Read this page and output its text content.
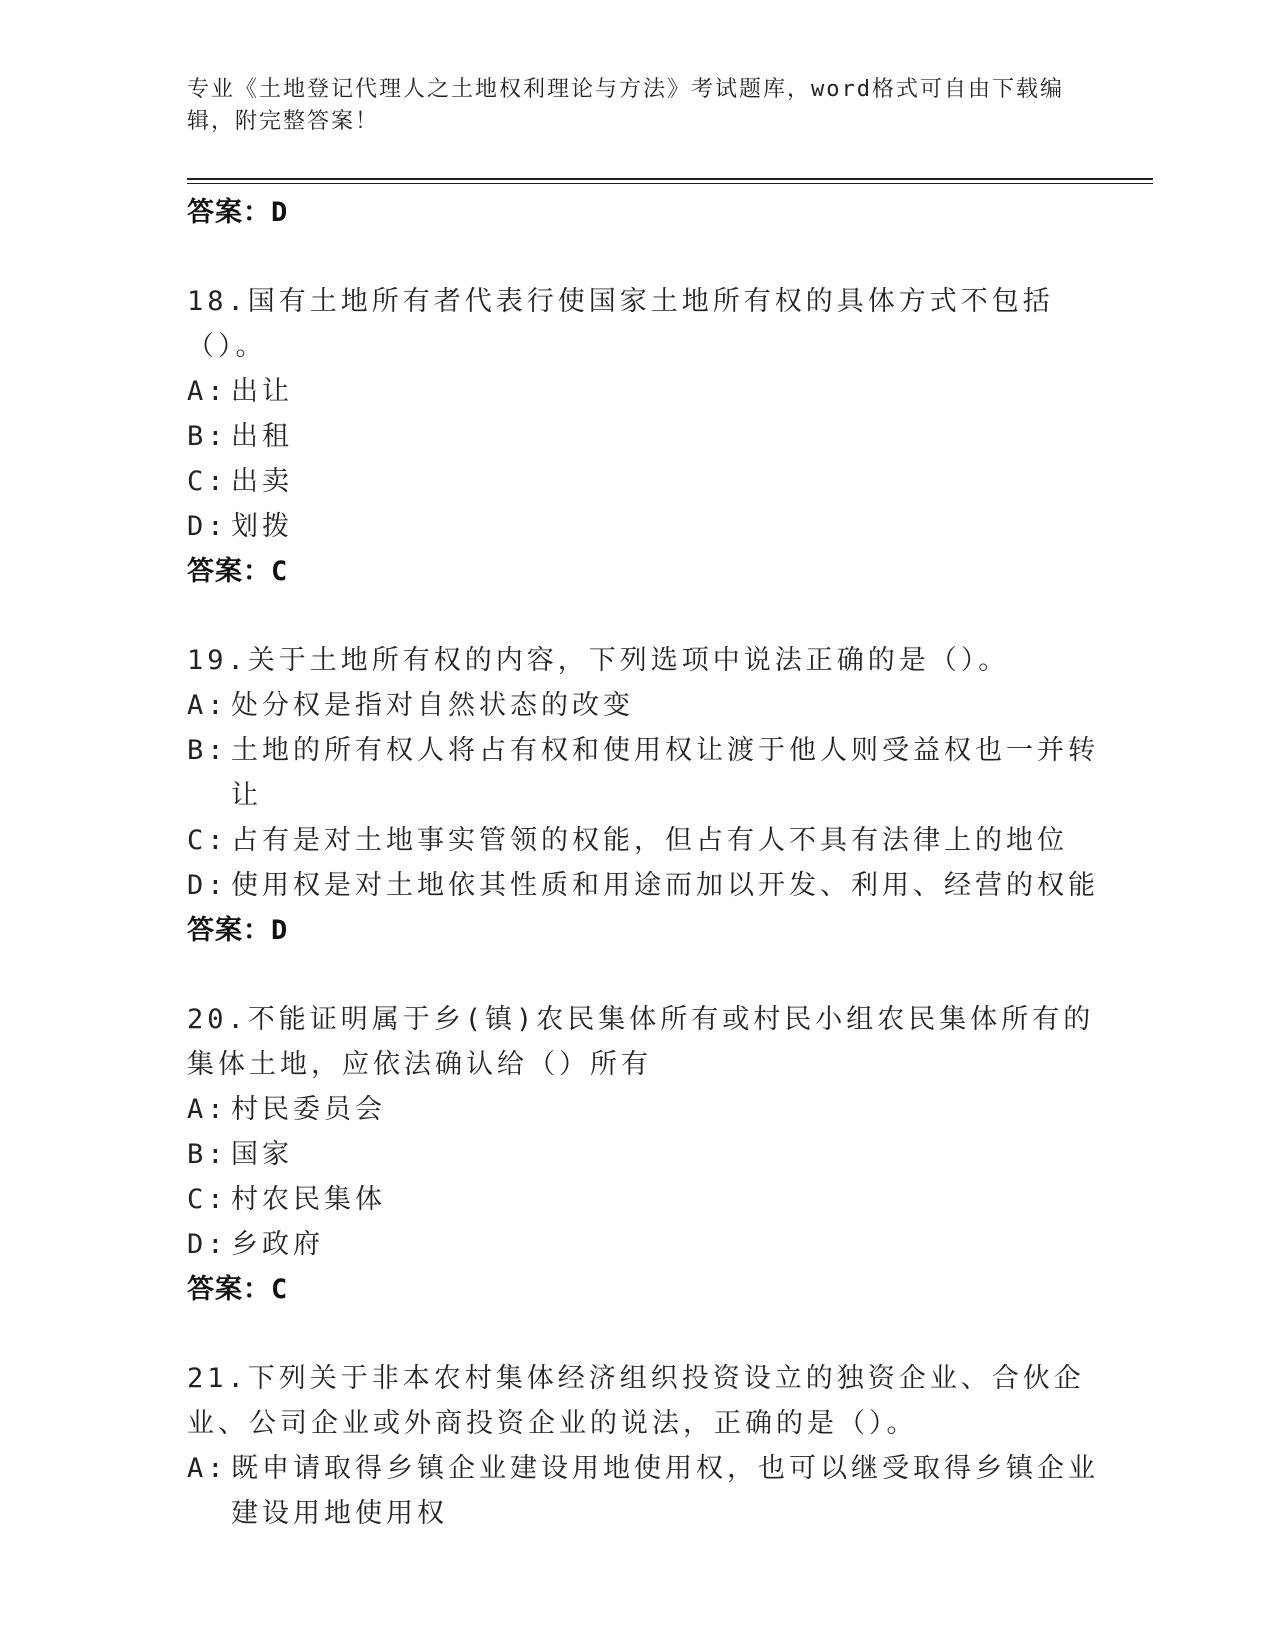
专业《土地登记代理人之土地权利理论与方法》考试题库，word格式可自由下载编辑，附完整答案！

答案：D

18.国有土地所有者代表行使国家土地所有权的具体方式不包括（）。

A: 出让
B: 出租
C: 出卖
D: 划拨

答案：C

19.关于土地所有权的内容，下列选项中说法正确的是（）。

A: 处分权是指对自然状态的改变
B: 土地的所有权人将占有权和使用权让渡于他人则受益权也一并转让
C: 占有是对土地事实管领的权能，但占有人不具有法律上的地位
D: 使用权是对土地依其性质和用途而加以开发、利用、经营的权能

答案：D

20.不能证明属于乡(镇)农民集体所有或村民小组农民集体所有的集体土地，应依法确认给（）所有

A: 村民委员会
B: 国家
C: 村农民集体
D: 乡政府

答案：C

21.下列关于非本农村集体经济组织投资设立的独资企业、合伙企业、公司企业或外商投资企业的说法，正确的是（）。

A: 既申请取得乡镇企业建设用地使用权，也可以继受取得乡镇企业建设用地使用权
